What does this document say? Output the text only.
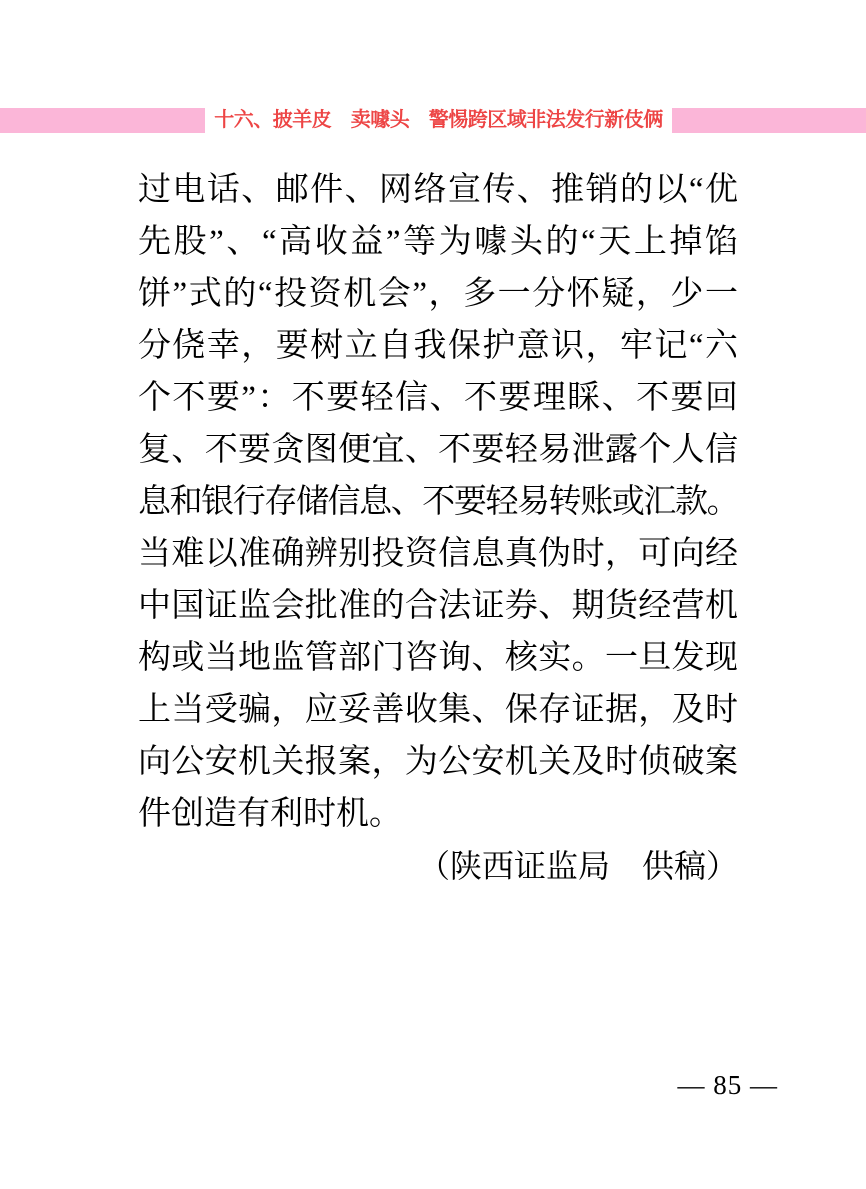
十六、披羊皮　卖噱头　警惕跨区域非法发行新伎俩
过电话、邮件、网络宣传、推销的以“优
先股”、“高收益”等为噱头的“天上掉馅
饼”式的“投资机会”，多一分怀疑，少一
分侥幸，要树立自我保护意识，牢记“六
个不要”：不要轻信、不要理睬、不要回
复、不要贪图便宜、不要轻易泄露个人信
息和银行存储信息、不要轻易转账或汇款。
当难以准确辨别投资信息真伪时，可向经
中国证监会批准的合法证券、期货经营机
构或当地监管部门咨询、核实。一旦发现
上当受骗，应妥善收集、保存证据，及时
向公安机关报案，为公安机关及时侦破案
件创造有利时机。
（陕西证监局　供稿）
— 85 —
